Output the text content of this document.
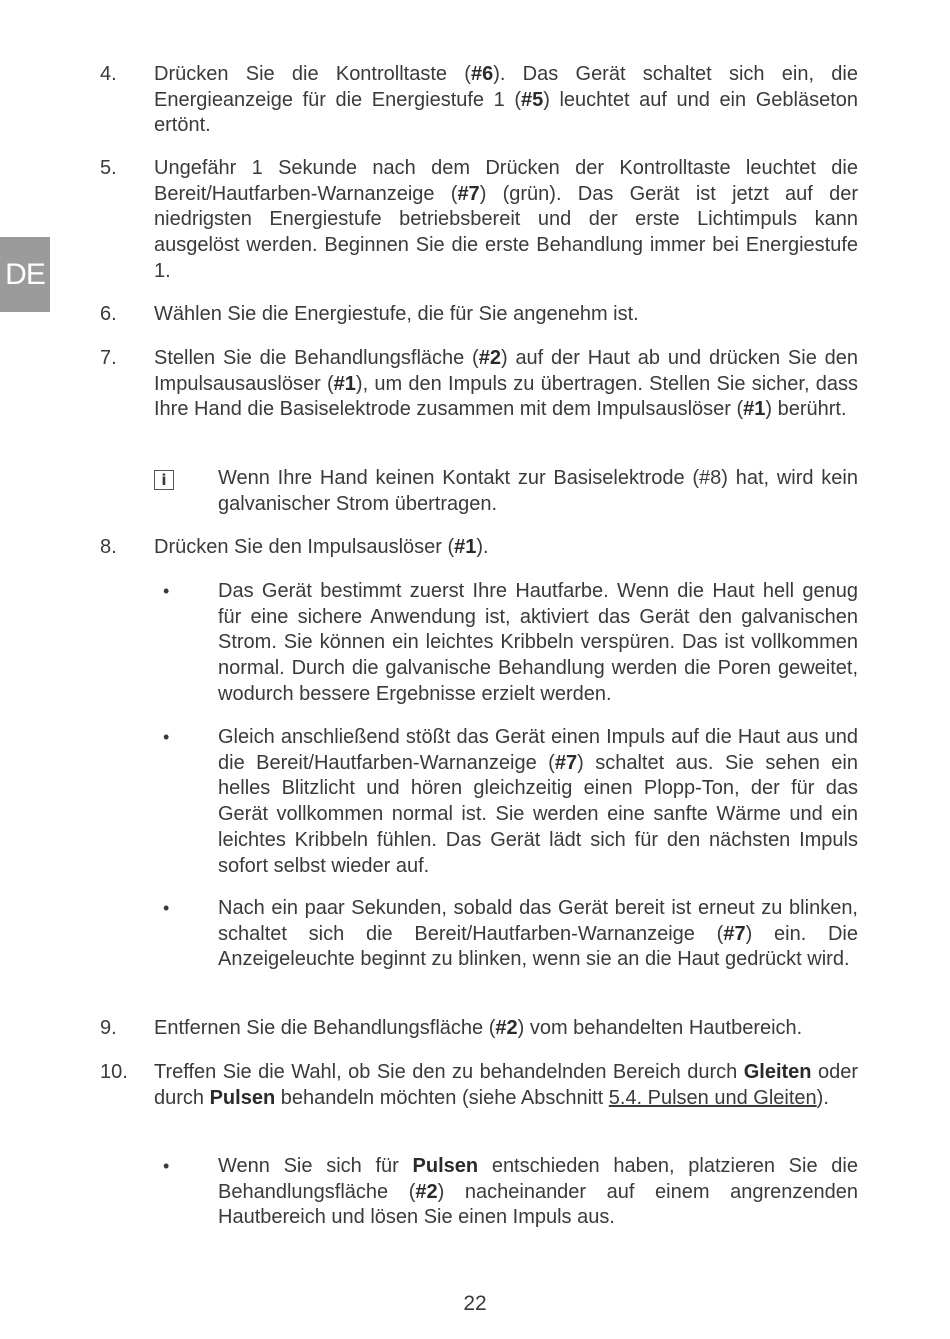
DE
4. Drücken Sie die Kontrolltaste (#6). Das Gerät schaltet sich ein, die Energieanzeige für die Energiestufe 1 (#5) leuchtet auf und ein Gebläseton ertönt.
5. Ungefähr 1 Sekunde nach dem Drücken der Kontrolltaste leuchtet die Bereit/Hautfarben-Warnanzeige (#7) (grün). Das Gerät ist jetzt auf der niedrigsten Energiestufe betriebsbereit und der erste Lichtimpuls kann ausgelöst werden. Beginnen Sie die erste Behandlung immer bei Energiestufe 1.
6. Wählen Sie die Energiestufe, die für Sie angenehm ist.
7. Stellen Sie die Behandlungsfläche (#2) auf der Haut ab und drücken Sie den Impulsausauslöser (#1), um den Impuls zu übertragen. Stellen Sie sicher, dass Ihre Hand die Basiselektrode zusammen mit dem Impulsauslöser (#1) berührt.
i	Wenn Ihre Hand keinen Kontakt zur Basiselektrode (#8) hat, wird kein galvanischer Strom übertragen.
8. Drücken Sie den Impulsauslöser (#1).
• Das Gerät bestimmt zuerst Ihre Hautfarbe. Wenn die Haut hell genug für eine sichere Anwendung ist, aktiviert das Gerät den galvanischen Strom. Sie können ein leichtes Kribbeln verspüren. Das ist vollkommen normal. Durch die galvanische Behandlung werden die Poren geweitet, wodurch bessere Ergebnisse erzielt werden.
• Gleich anschließend stößt das Gerät einen Impuls auf die Haut aus und die Bereit/Hautfarben-Warnanzeige (#7) schaltet aus. Sie sehen ein helles Blitzlicht und hören gleichzeitig einen Plopp-Ton, der für das Gerät vollkommen normal ist. Sie werden eine sanfte Wärme und ein leichtes Kribbeln fühlen. Das Gerät lädt sich für den nächsten Impuls sofort selbst wieder auf.
• Nach ein paar Sekunden, sobald das Gerät bereit ist erneut zu blinken, schaltet sich die Bereit/Hautfarben-Warnanzeige (#7) ein. Die Anzeigeleuchte beginnt zu blinken, wenn sie an die Haut gedrückt wird.
9. Entfernen Sie die Behandlungsfläche (#2) vom behandelten Hautbereich.
10. Treffen Sie die Wahl, ob Sie den zu behandelnden Bereich durch Gleiten oder durch Pulsen behandeln möchten (siehe Abschnitt 5.4. Pulsen und Gleiten).
• Wenn Sie sich für Pulsen entschieden haben, platzieren Sie die Behandlungsfläche (#2) nacheinander auf einem angrenzenden Hautbereich und lösen Sie einen Impuls aus.
22
